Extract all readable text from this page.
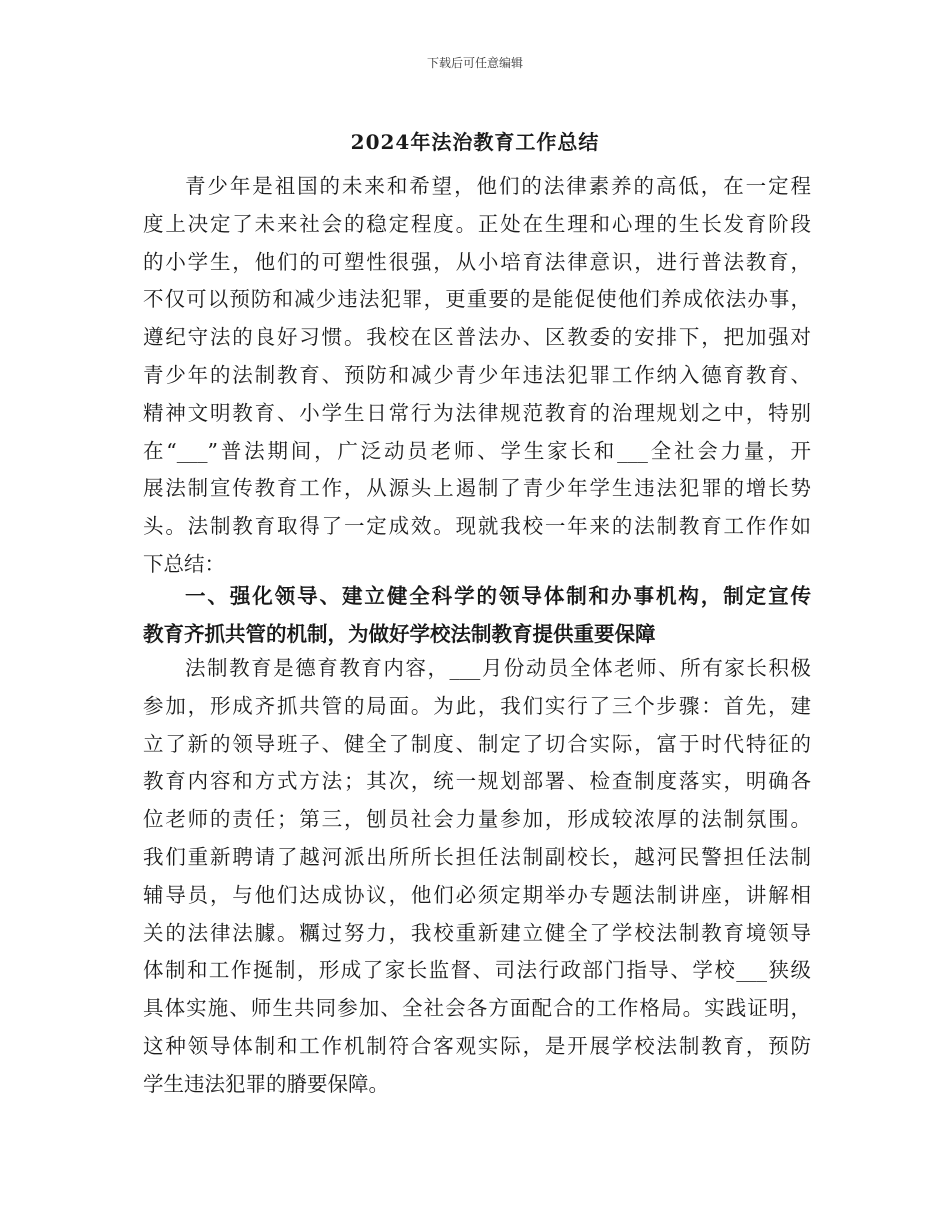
下载后可任意编辑
2024年法治教育工作总结
青少年是祖国的未来和希望，他们的法律素养的高低，在一定程
度上决定了未来社会的稳定程度。正处在生理和心理的生长发育阶段
的小学生，他们的可塑性很强，从小培育法律意识，进行普法教育，
不仅可以预防和减少违法犯罪，更重要的是能促使他们养成依法办事，
遵纪守法的良好习惯。我校在区普法办、区教委的安排下，把加强对
青少年的法制教育、预防和减少青少年违法犯罪工作纳入德育教育、
精神文明教育、小学生日常行为法律规范教育的治理规划之中，特别
在“___”普法期间，广泛动员老师、学生家长和___全社会力量，开
展法制宣传教育工作，从源头上遏制了青少年学生违法犯罪的增长势
头。法制教育取得了一定成效。现就我校一年来的法制教育工作作如
下总结：
一、强化领导、建立健全科学的领导体制和办事机构，制定宣传
教育齐抓共管的机制，为做好学校法制教育提供重要保障
法制教育是德育教育内容，___月份动员全体老师、所有家长积极
参加，形成齐抓共管的局面。为此，我们实行了三个步骤：首先，建
立了新的领导班子、健全了制度、制定了切合实际，富于时代特征的
教育内容和方式方法；其次，统一规划部署、检查制度落实，明确各
位老师的责任；第三，刨员社会力量参加，形成较浓厚的法制氛围。
我们重新聘请了越河派出所所长担任法制副校长，越河民警担任法制
辅导员，与他们达成协议，他们必须定期举办专题法制讲座，讲解相
关的法律法臄。糲过努力，我校重新建立健全了学校法制教育境领导
体制和工作挻制，形成了家长监督、司法行政部门指导、学校___狭级
具体实施、师生共同参加、全社会各方面配合的工作格局。实践证明，
这种领导体制和工作机制符合客观实际，是开展学校法制教育，预防
学生违法犯罪的膌要保障。
